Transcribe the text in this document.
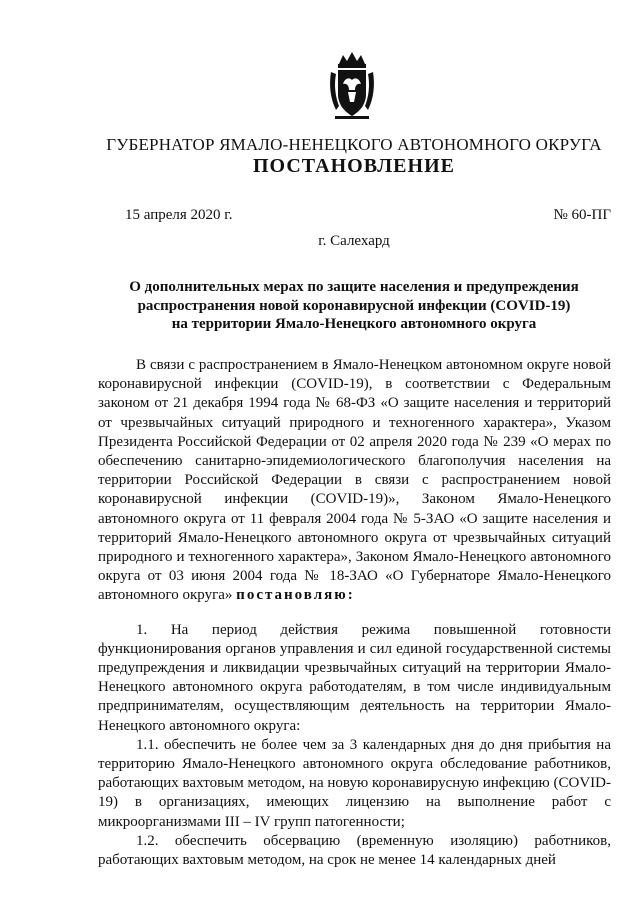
ГУБЕРНАТОР ЯМАЛО-НЕНЕЦКОГО АВТОНОМНОГО ОКРУГА
ПОСТАНОВЛЕНИЕ
15 апреля 2020 г.	№ 60-ПГ
г. Салехард
О дополнительных мерах по защите населения и предупреждения
распространения новой коронавирусной инфекции (COVID-19)
на территории Ямало-Ненецкого автономного округа

В связи с распространением в Ямало-Ненецком автономном округе новой коронавирусной инфекции (COVID-19), в соответствии с Федеральным законом от 21 декабря 1994 года № 68-ФЗ «О защите населения и территорий от чрезвычайных ситуаций природного и техногенного характера», Указом Президента Российской Федерации от 02 апреля 2020 года № 239 «О мерах по обеспечению санитарно-эпидемиологического благополучия населения на территории Российской Федерации в связи с распространением новой коронавирусной инфекции (COVID-19)», Законом Ямало-Ненецкого автономного округа от 11 февраля 2004 года № 5-ЗАО «О защите населения и территорий Ямало-Ненецкого автономного округа от чрезвычайных ситуаций природного и техногенного характера», Законом Ямало-Ненецкого автономного округа от 03 июня 2004 года № 18-ЗАО «О Губернаторе Ямало-Ненецкого автономного округа» постановляю:

1. На период действия режима повышенной готовности функционирования органов управления и сил единой государственной системы предупреждения и ликвидации чрезвычайных ситуаций на территории Ямало-Ненецкого автономного округа работодателям, в том числе индивидуальным предпринимателям, осуществляющим деятельность на территории Ямало-Ненецкого автономного округа:

1.1. обеспечить не более чем за 3 календарных дня до дня прибытия на территорию Ямало-Ненецкого автономного округа обследование работников, работающих вахтовым методом, на новую коронавирусную инфекцию (COVID-19) в организациях, имеющих лицензию на выполнение работ с микроорганизмами III – IV групп патогенности;

1.2. обеспечить обсервацию (временную изоляцию) работников, работающих вахтовым методом, на срок не менее 14 календарных дней
